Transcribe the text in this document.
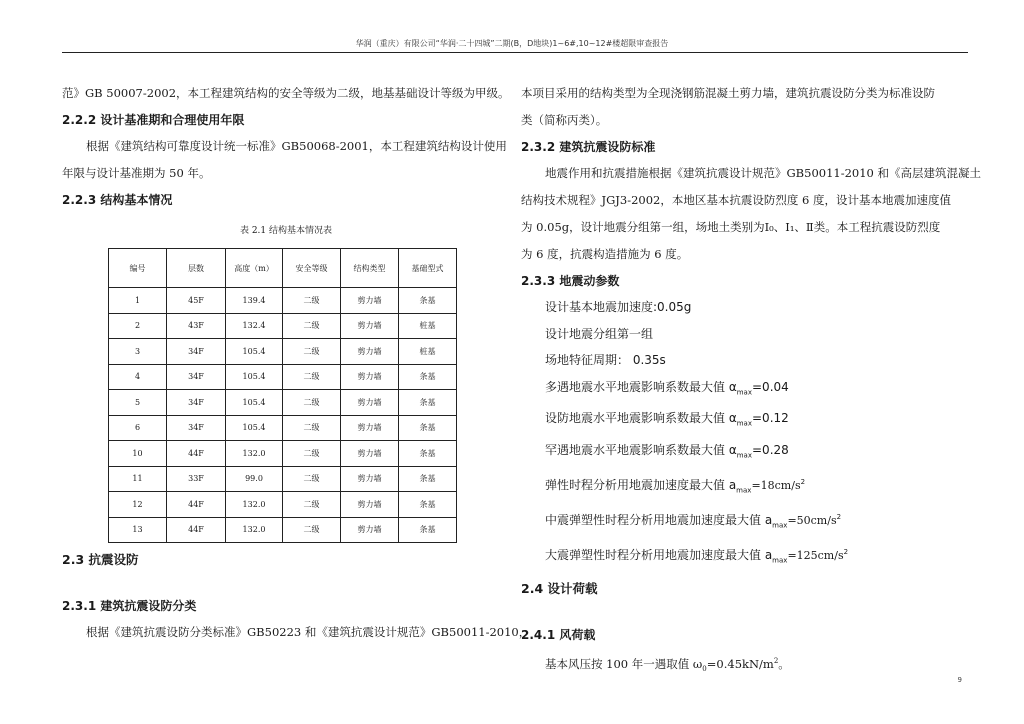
华润（重庆）有限公司“华润·二十四城”二期(B，D地块)1~6#,10~12#楼超限审查报告

范》GB 50007-2002，本工程建筑结构的安全等级为二级，地基基础设计等级为甲级。

2.2.2 设计基准期和合理使用年限

根据《建筑结构可靠度设计统一标准》GB50068-2001，本工程建筑结构设计使用

年限与设计基准期为 50 年。

2.2.3 结构基本情况

表 2.1 结构基本情况表
编号	层数	高度（m）	安全等级	结构类型	基础型式
1	45F	139.4	二级	剪力墙	条基
2	43F	132.4	二级	剪力墙	桩基
3	34F	105.4	二级	剪力墙	桩基
4	34F	105.4	二级	剪力墙	条基
5	34F	105.4	二级	剪力墙	条基
6	34F	105.4	二级	剪力墙	条基
10	44F	132.0	二级	剪力墙	条基
11	33F	99.0	二级	剪力墙	条基
12	44F	132.0	二级	剪力墙	条基
13	44F	132.0	二级	剪力墙	条基

2.3 抗震设防

2.3.1 建筑抗震设防分类

根据《建筑抗震设防分类标准》GB50223 和《建筑抗震设计规范》GB50011-2010，

本项目采用的结构类型为全现浇钢筋混凝土剪力墙，建筑抗震设防分类为标准设防

类（简称丙类）。

2.3.2 建筑抗震设防标准

地震作用和抗震措施根据《建筑抗震设计规范》GB50011-2010 和《高层建筑混凝土

结构技术规程》JGJ3-2002，本地区基本抗震设防烈度 6 度，设计基本地震加速度值

为 0.05g，设计地震分组第一组，场地土类别为Ⅰ₀、Ⅰ₁、Ⅱ类。本工程抗震设防烈度

为 6 度，抗震构造措施为 6 度。

2.3.3 地震动参数

设计基本地震加速度:0.05g
设计地震分组第一组
场地特征周期： 0.35s
多遇地震水平地震影响系数最大值 $\alpha_{max}=0.04$
设防地震水平地震影响系数最大值 $\alpha_{max}=0.12$
罕遇地震水平地震影响系数最大值 $\alpha_{max}=0.28$
弹性时程分析用地震加速度最大值 $a_{max}=18cm/s^2$
中震弹塑性时程分析用地震加速度最大值 $a_{max}=50cm/s^2$
大震弹塑性时程分析用地震加速度最大值 $a_{max}=125cm/s^2$

2.4 设计荷载

2.4.1 风荷载

基本风压按 100 年一遇取值 $\omega_0=0.45kN/m^2$。
9
